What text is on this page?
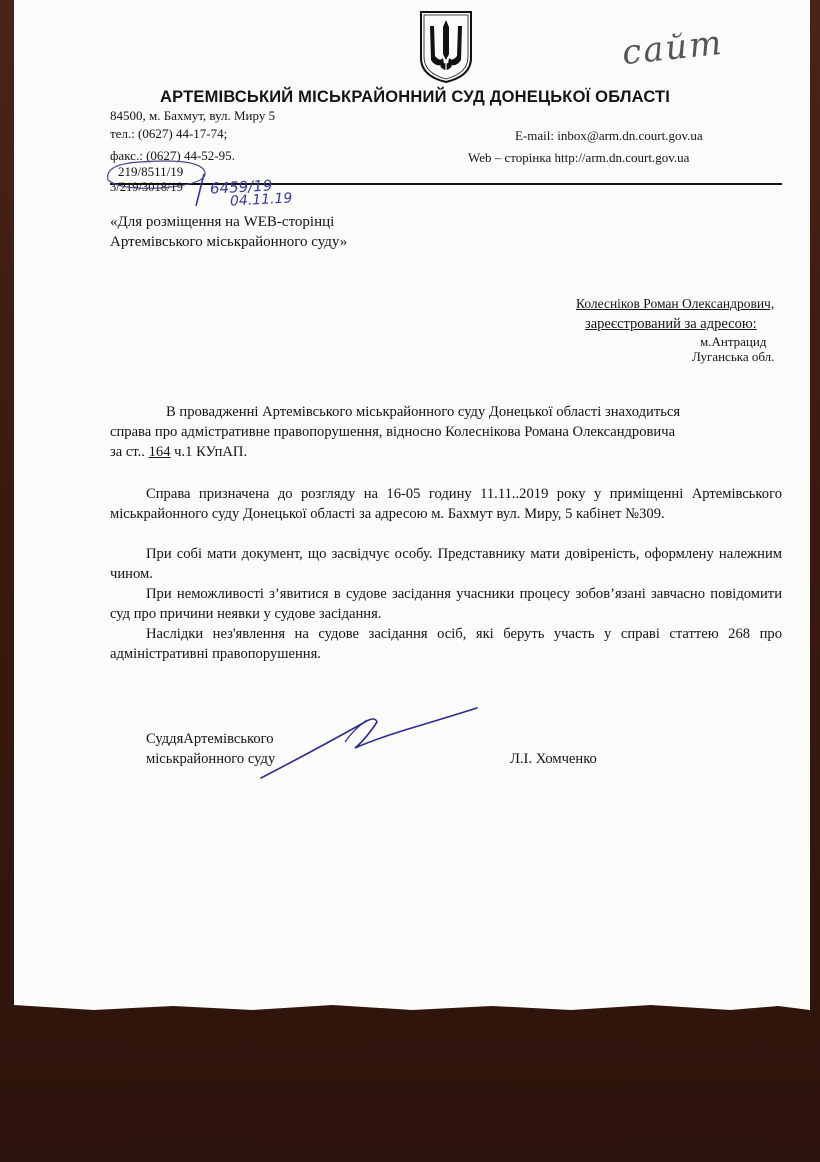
АРТЕМІВСЬКИЙ МІСЬКРАЙОННИЙ СУД ДОНЕЦЬКОЇ ОБЛАСТІ
84500, м. Бахмут, вул. Миру 5
тел.: (0627) 44-17-74;
факс.: (0627) 44-52-95.
219/8511/19
3/219/3018/19
E-mail: inbox@arm.dn.court.gov.ua
Web – сторінка http://arm.dn.court.gov.ua
6459/19
04.11.19
сайт
«Для розміщення на WEB-сторінці
Артемівського міськрайонного суду»
Колесніков Роман Олександрович,
зареєстрований за адресою:
м.Антрацид
Луганська обл.
В провадженні Артемівського міськрайонного суду Донецької області знаходиться
справа про адмістративне правопорушення, відносно Колеснікова Романа Олександровича
за ст.. 164 ч.1 КУпАП.
Справа призначена до розгляду на 16-05 годину 11.11..2019 року у приміщенні Артемівського міськрайонного суду Донецької області за адресою м. Бахмут вул. Миру, 5 кабінет №309.
При собі мати документ, що засвідчує особу. Представнику мати довіреність, оформлену належним чином.
При неможливості з’явитися в судове засідання учасники процесу зобов’язані завчасно повідомити суд про причини неявки у судове засідання.
Наслідки нез'явлення на судове засідання осіб, які беруть участь у справі статтею 268 про адміністративні правопорушення.
СуддяАртемівського
міськрайонного суду	Л.І. Хомченко
